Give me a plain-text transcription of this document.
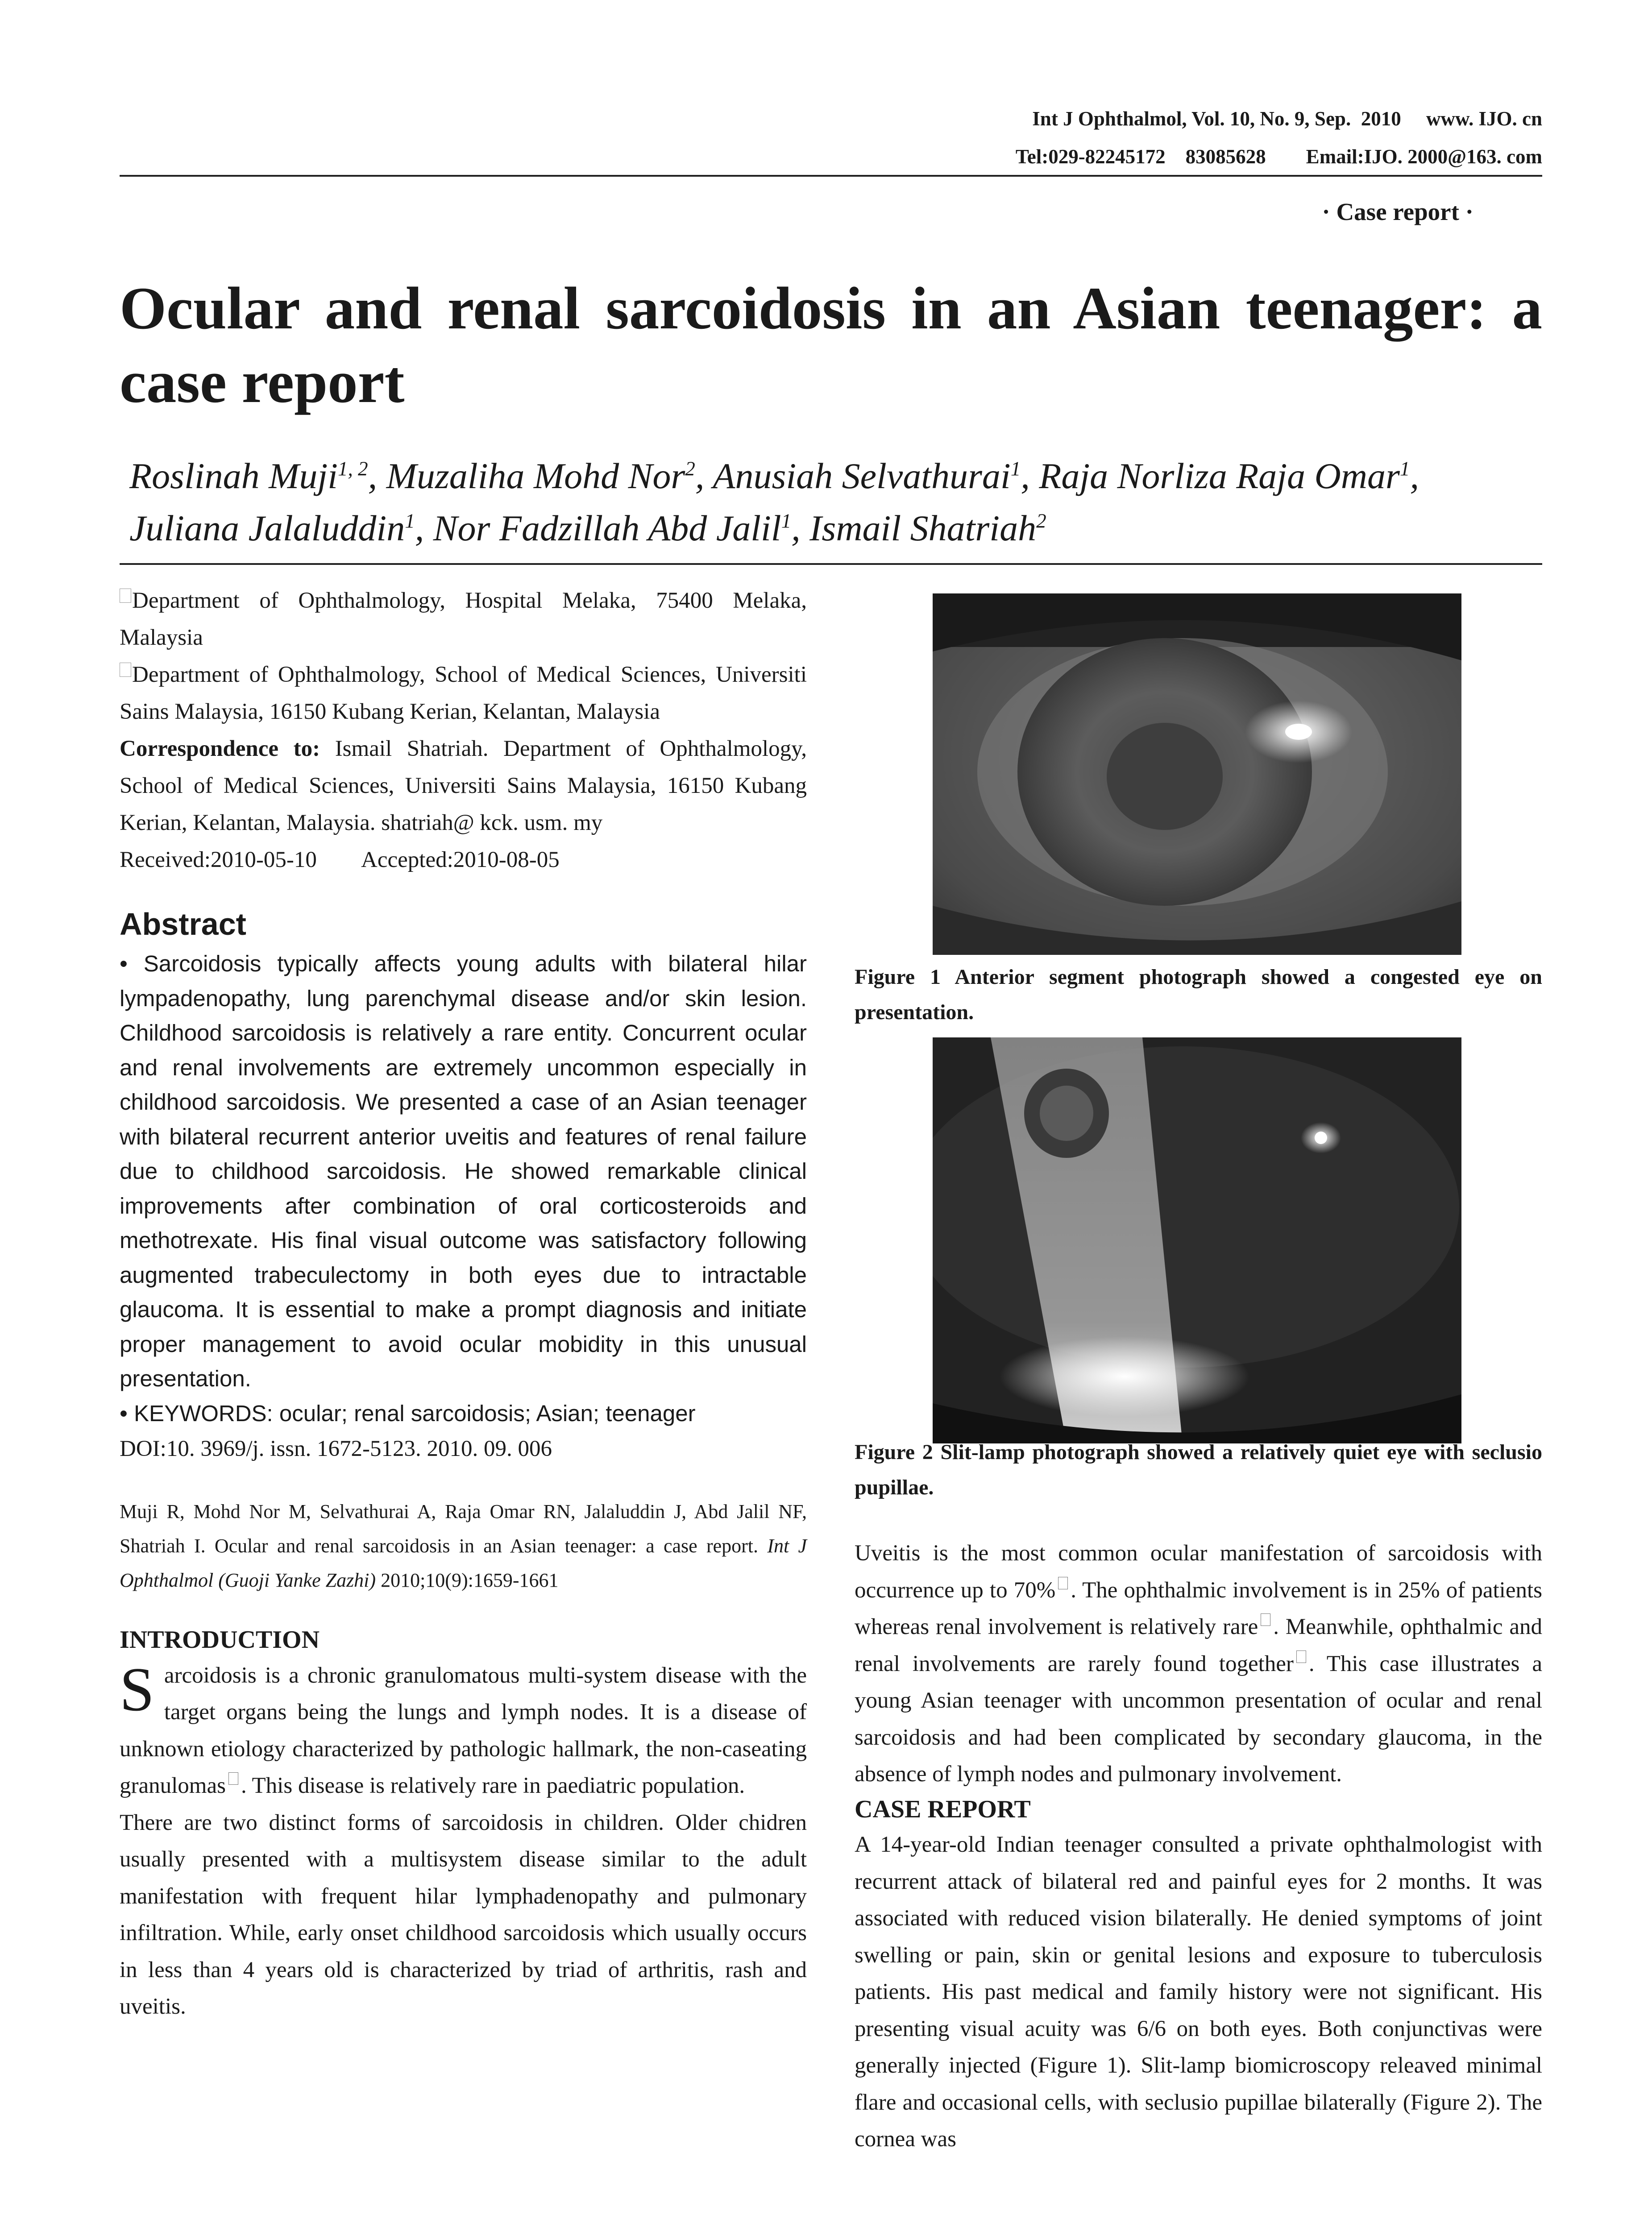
Int J Ophthalmol, Vol. 10, No. 9, Sep.  2010     www. IJO. cn
Tel:029-82245172    83085628        Email:IJO. 2000@163. com
· Case report ·
Ocular and renal sarcoidosis in an Asian teenager: a case report
Roslinah Muji$^{1, 2}$, Muzaliha Mohd Nor$^2$, Anusiah Selvathurai$^1$, Raja Norliza Raja Omar$^1$,
Juliana Jalaluddin$^1$, Nor Fadzillah Abd Jalil$^1$, Ismail Shatriah$^2$

Department of Ophthalmology, Hospital Melaka, 75400 Melaka, Malaysia

Department of Ophthalmology, School of Medical Sciences, Universiti Sains Malaysia, 16150 Kubang Kerian, Kelantan, Malaysia

Correspondence to: Ismail Shatriah. Department of Ophthalmology, School of Medical Sciences, Universiti Sains Malaysia, 16150 Kubang Kerian, Kelantan, Malaysia. shatriah@ kck. usm. my

Received:2010-05-10        Accepted:2010-08-05

Abstract

• Sarcoidosis typically affects young adults with bilateral hilar lympadenopathy, lung parenchymal disease and/or skin lesion. Childhood sarcoidosis is relatively a rare entity. Concurrent ocular and renal involvements are extremely uncommon especially in childhood sarcoidosis. We presented a case of an Asian teenager with bilateral recurrent anterior uveitis and features of renal failure due to childhood sarcoidosis. He showed remarkable clinical improvements after combination of oral corticosteroids and methotrexate. His final visual outcome was satisfactory following augmented trabeculectomy in both eyes due to intractable glaucoma. It is essential to make a prompt diagnosis and initiate proper management to avoid ocular mobidity in this unusual presentation.

• KEYWORDS: ocular; renal sarcoidosis; Asian; teenager

DOI:10. 3969/j. issn. 1672-5123. 2010. 09. 006

Muji R, Mohd Nor M, Selvathurai A, Raja Omar RN, Jalaluddin J, Abd Jalil NF, Shatriah I. Ocular and renal sarcoidosis in an Asian teenager: a case report. Int J Ophthalmol (Guoji Yanke Zazhi) 2010;10(9):1659-1661

INTRODUCTION

Sarcoidosis is a chronic granulomatous multi-system disease with the target organs being the lungs and lymph nodes. It is a disease of unknown etiology characterized by pathologic hallmark, the non-caseating granulomas . This disease is relatively rare in paediatric population.

There are two distinct forms of sarcoidosis in children. Older chidren usually presented with a multisystem disease similar to the adult manifestation with frequent hilar lymphadenopathy and pulmonary infiltration. While, early onset childhood sarcoidosis which usually occurs in less than 4 years old is characterized by triad of arthritis, rash and uveitis.

Figure 1 Anterior segment photograph showed a congested eye on presentation.

Figure 2 Slit-lamp photograph showed a relatively quiet eye with seclusio pupillae.

Uveitis is the most common ocular manifestation of sarcoidosis with occurrence up to 70% . The ophthalmic involvement is in 25% of patients whereas renal involvement is relatively rare . Meanwhile, ophthalmic and renal involvements are rarely found together . This case illustrates a young Asian teenager with uncommon presentation of ocular and renal sarcoidosis and had been complicated by secondary glaucoma, in the absence of lymph nodes and pulmonary involvement.

CASE REPORT

A 14-year-old Indian teenager consulted a private ophthalmologist with recurrent attack of bilateral red and painful eyes for 2 months. It was associated with reduced vision bilaterally. He denied symptoms of joint swelling or pain, skin or genital lesions and exposure to tuberculosis patients. His past medical and family history were not significant. His presenting visual acuity was 6/6 on both eyes. Both conjunctivas were generally injected (Figure 1). Slit-lamp biomicroscopy releaved minimal flare and occasional cells, with seclusio pupillae bilaterally (Figure 2). The cornea was
